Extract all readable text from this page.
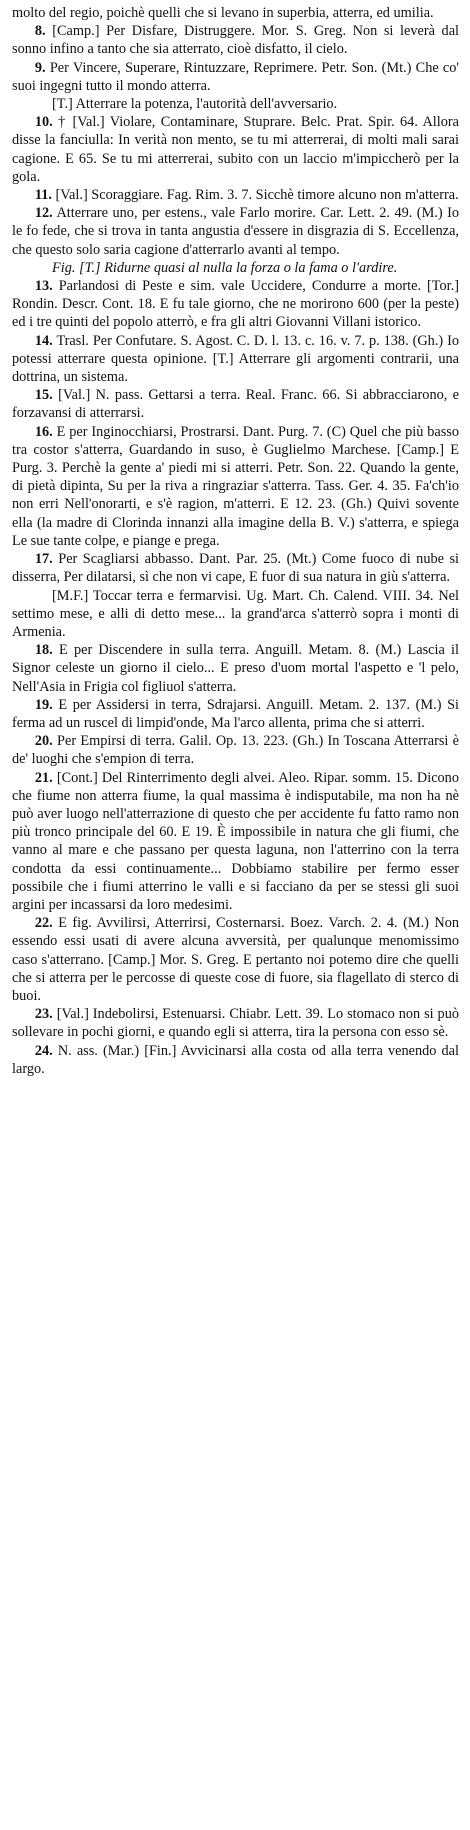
molto del regio, poichè quelli che si levano in superbia, atterra, ed umilia.

8. [Camp.] Per Disfare, Distruggere. Mor. S. Greg. Non si leverà dal sonno infino a tanto che sia atterrato, cioè disfatto, il cielo.

9. Per Vincere, Superare, Rintuzzare, Reprimere. Petr. Son. (Mt.) Che co' suoi ingegni tutto il mondo atterra.

[T.] Atterrare la potenza, l'autorità dell'avversario.

10. † [Val.] Violare, Contaminare, Stuprare. Belc. Prat. Spir. 64. Allora disse la fanciulla: In verità non mento, se tu mi atterrerai, di molti mali sarai cagione. E 65. Se tu mi atterrerai, subito con un laccio m'impiccherò per la gola.

11. [Val.] Scoraggiare. Fag. Rim. 3. 7. Sicchè timore alcuno non m'atterra.

12. Atterrare uno, per estens., vale Farlo morire. Car. Lett. 2. 49. (M.) Io le fo fede, che si trova in tanta angustia d'essere in disgrazia di S. Eccellenza, che questo solo saria cagione d'atterrarlo avanti al tempo.

Fig. [T.] Ridurne quasi al nulla la forza o la fama o l'ardire.

13. Parlandosi di Peste e sim. vale Uccidere, Condurre a morte. [Tor.] Rondin. Descr. Cont. 18. E fu tale giorno, che ne morirono 600 (per la peste) ed i tre quinti del popolo atterrò, e fra gli altri Giovanni Villani istorico.

14. Trasl. Per Confutare. S. Agost. C. D. l. 13. c. 16. v. 7. p. 138. (Gh.) Io potessi atterrare questa opinione. [T.] Atterrare gli argomenti contrarii, una dottrina, un sistema.

15. [Val.] N. pass. Gettarsi a terra. Real. Franc. 66. Si abbracciarono, e forzavansi di atterrarsi.

16. E per Inginocchiarsi, Prostrarsi. Dant. Purg. 7. (C) Quel che più basso tra costor s'atterra, Guardando in suso, è Guglielmo Marchese. [Camp.] E Purg. 3. Perchè la gente a' piedi mi si atterri. Petr. Son. 22. Quando la gente, di pietà dipinta, Su per la riva a ringraziar s'atterra. Tass. Ger. 4. 35. Fa'ch'io non erri Nell'onorarti, e s'è ragion, m'atterri. E 12. 23. (Gh.) Quivi sovente ella (la madre di Clorinda innanzi alla imagine della B. V.) s'atterra, e spiega Le sue tante colpe, e piange e prega.

17. Per Scagliarsi abbasso. Dant. Par. 25. (Mt.) Come fuoco di nube si disserra, Per dilatarsi, sì che non vi cape, E fuor di sua natura in giù s'atterra.

[M.F.] Toccar terra e fermarvisi. Ug. Mart. Ch. Calend. VIII. 34. Nel settimo mese, e alli di detto mese... la grand'arca s'atterrò sopra i monti di Armenia.

18. E per Discendere in sulla terra. Anguill. Metam. 8. (M.) Lascia il Signor celeste un giorno il cielo... E preso d'uom mortal l'aspetto e 'l pelo, Nell'Asia in Frigia col figliuol s'atterra.

19. E per Assidersi in terra, Sdrajarsi. Anguill. Metam. 2. 137. (M.) Si ferma ad un ruscel di limpid'onde, Ma l'arco allenta, prima che si atterri.

20. Per Empirsi di terra. Galil. Op. 13. 223. (Gh.) In Toscana Atterrarsi è de' luoghi che s'empion di terra.

21. [Cont.] Del Rinterrimento degli alvei. Aleo. Ripar. somm. 15. Dicono che fiume non atterra fiume, la qual massima è indisputabile, ma non ha nè può aver luogo nell'atterrazione di questo che per accidente fu fatto ramo non più tronco principale del 60. E 19. È impossibile in natura che gli fiumi, che vanno al mare e che passano per questa laguna, non l'atterrino con la terra condotta da essi continuamente... Dobbiamo stabilire per fermo esser possibile che i fiumi atterrino le valli e si facciano da per se stessi gli suoi argini per incassarsi da loro medesimi.

22. E fig. Avvilirsi, Atterrirsi, Costernarsi. Boez. Varch. 2. 4. (M.) Non essendo essi usati di avere alcuna avversità, per qualunque menomissimo caso s'atterrano. [Camp.] Mor. S. Greg. E pertanto noi potemo dire che quelli che si atterra per le percosse di queste cose di fuore, sia flagellato di sterco di buoi.

23. [Val.] Indebolirsi, Estenuarsi. Chiabr. Lett. 39. Lo stomaco non si può sollevare in pochi giorni, e quando egli si atterra, tira la persona con esso sè.

24. N. ass. (Mar.) [Fin.] Avvicinarsi alla costa od alla terra venendo dal largo.
